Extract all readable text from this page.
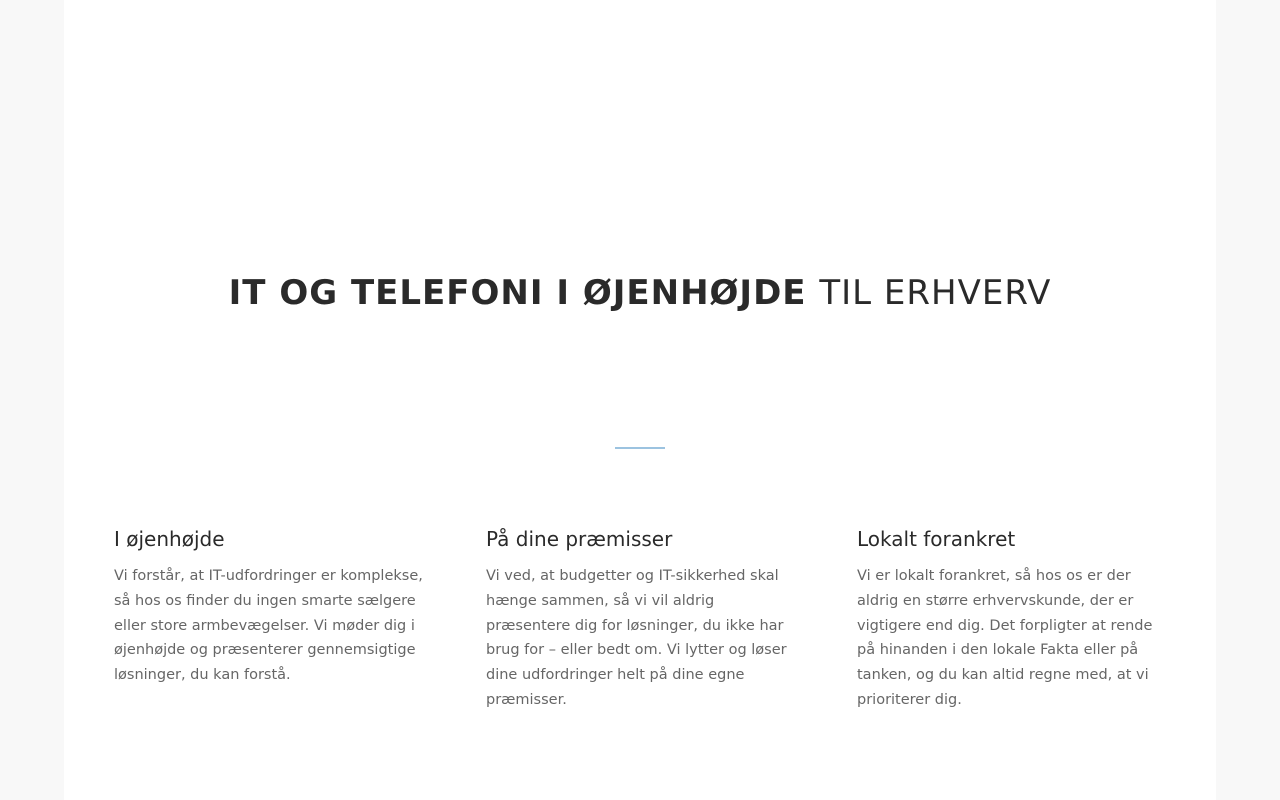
IT OG TELEFONI I ØJENHØJDE TIL ERHVERV
I øjenhøjde

Vi forstår, at IT-udfordringer er komplekse, så hos os finder du ingen smarte sælgere eller store armbevægelser. Vi møder dig i øjenhøjde og præsenterer gennemsigtige løsninger, du kan forstå.

På dine præmisser

Vi ved, at budgetter og IT-sikkerhed skal hænge sammen, så vi vil aldrig præsentere dig for løsninger, du ikke har brug for – eller bedt om. Vi lytter og løser dine udfordringer helt på dine egne præmisser.

Lokalt forankret

Vi er lokalt forankret, så hos os er der aldrig en større erhvervskunde, der er vigtigere end dig. Det forpligter at rende på hinanden i den lokale Fakta eller på tanken, og du kan altid regne med, at vi prioriterer dig.
